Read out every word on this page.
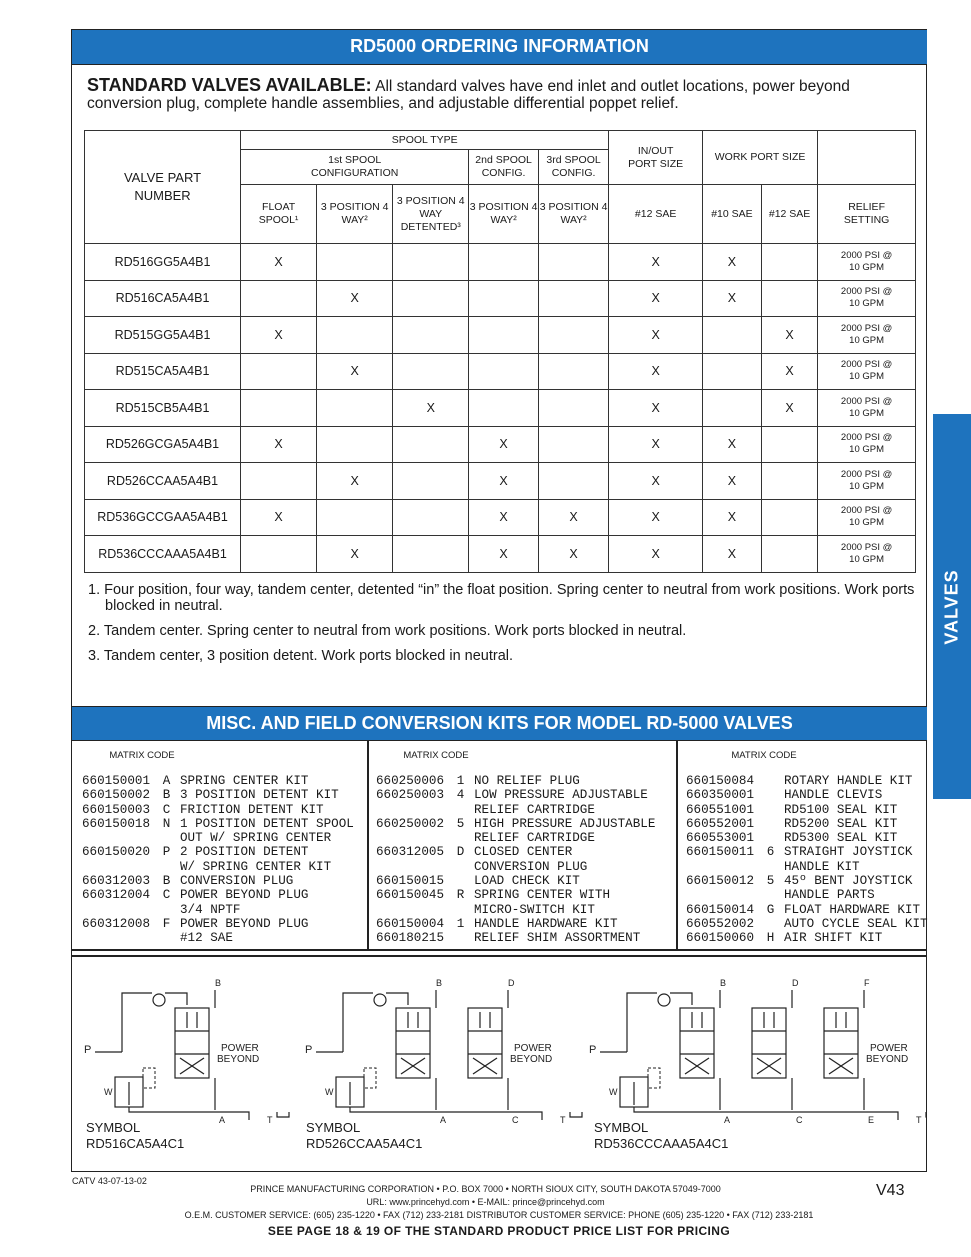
RD5000 ORDERING INFORMATION
STANDARD VALVES AVAILABLE: All standard valves have end inlet and outlet locations, power beyond conversion plug, complete handle assemblies, and adjustable differential poppet relief.
VALVE PART NUMBER	SPOOL TYPE					IN/OUT PORT SIZE	WORK PORT SIZE		
	1st SPOOL CONFIGURATION			2nd SPOOL CONFIG.	3rd SPOOL CONFIG.				
	FLOAT SPOOL¹	3 POSITION 4 WAY²	3 POSITION 4 WAY DETENTED³	3 POSITION 4 WAY²	3 POSITION 4 WAY²	#12 SAE	#10 SAE	#12 SAE	RELIEF SETTING
RD516GG5A4B1	X					X	X		2000 PSI @ 10 GPM
RD516CA5A4B1		X				X	X		2000 PSI @ 10 GPM
RD515GG5A4B1	X					X		X	2000 PSI @ 10 GPM
RD515CA5A4B1		X				X		X	2000 PSI @ 10 GPM
RD515CB5A4B1			X			X		X	2000 PSI @ 10 GPM
RD526GCGA5A4B1	X			X		X	X		2000 PSI @ 10 GPM
RD526CCAA5A4B1		X		X		X	X		2000 PSI @ 10 GPM
RD536GCCGAA5A4B1	X			X	X	X	X		2000 PSI @ 10 GPM
RD536CCCAAA5A4B1		X		X	X	X	X		2000 PSI @ 10 GPM
1. Four position, four way, tandem center, detented “in” the float position. Spring center to neutral from work positions. Work ports blocked in neutral.
2. Tandem center. Spring center to neutral from work positions. Work ports blocked in neutral.
3. Tandem center, 3 position detent. Work ports blocked in neutral.
MISC. AND FIELD CONVERSION KITS FOR MODEL RD-5000 VALVES
MATRIX CODE
660150001	A SPRING CENTER KIT
660150002	B 3 POSITION DETENT KIT
660150003	C FRICTION DETENT KIT
660150018	N 1 POSITION DETENT SPOOL
OUT W/ SPRING CENTER
660150020	P 2 POSITION DETENT
W/ SPRING CENTER KIT
660312003	B CONVERSION PLUG
660312004	C POWER BEYOND PLUG
3/4 NPTF
660312008	F POWER BEYOND PLUG
#12 SAE
MATRIX CODE
660250006	1 NO RELIEF PLUG
660250003	4 LOW PRESSURE ADJUSTABLE
RELIEF CARTRIDGE
660250002	5 HIGH PRESSURE ADJUSTABLE
RELIEF CARTRIDGE
660312005	D CLOSED CENTER
CONVERSION PLUG
660150015	LOAD CHECK KIT
660150045	R SPRING CENTER WITH
MICRO-SWITCH KIT
660150004	1 HANDLE HARDWARE KIT
660180215	RELIEF SHIM ASSORTMENT
MATRIX CODE
660150084	ROTARY HANDLE KIT
660350001	HANDLE CLEVIS
660551001	RD5100 SEAL KIT
660552001	RD5200 SEAL KIT
660553001	RD5300 SEAL KIT
660150011	6 STRAIGHT JOYSTICK
HANDLE KIT
660150012	5 45º BENT JOYSTICK
HANDLE PARTS
660150014	G FLOAT HARDWARE KIT
660552002	AUTO CYCLE SEAL KIT
660150060	H AIR SHIFT KIT
P
W
B
A	T
POWER
BEYOND
P
W
B
A
D
C	T
POWER
BEYOND
P
W
B
A
D
C
F
E	T
POWER
BEYOND
SYMBOL
RD516CA5A4C1
SYMBOL
RD526CCAA5A4C1
SYMBOL
RD536CCCAAA5A4C1
CATV 43-07-13-02
V43
PRINCE MANUFACTURING CORPORATION • P.O. BOX 7000 • NORTH SIOUX CITY, SOUTH DAKOTA 57049-7000
URL: www.princehyd.com • E-MAIL: prince@princehyd.com
O.E.M. CUSTOMER SERVICE: (605) 235-1220 • FAX (712) 233-2181 DISTRIBUTOR CUSTOMER SERVICE: PHONE (605) 235-1220 • FAX (712) 233-2181
SEE PAGE 18 & 19 OF THE STANDARD PRODUCT PRICE LIST FOR PRICING
VALVES
